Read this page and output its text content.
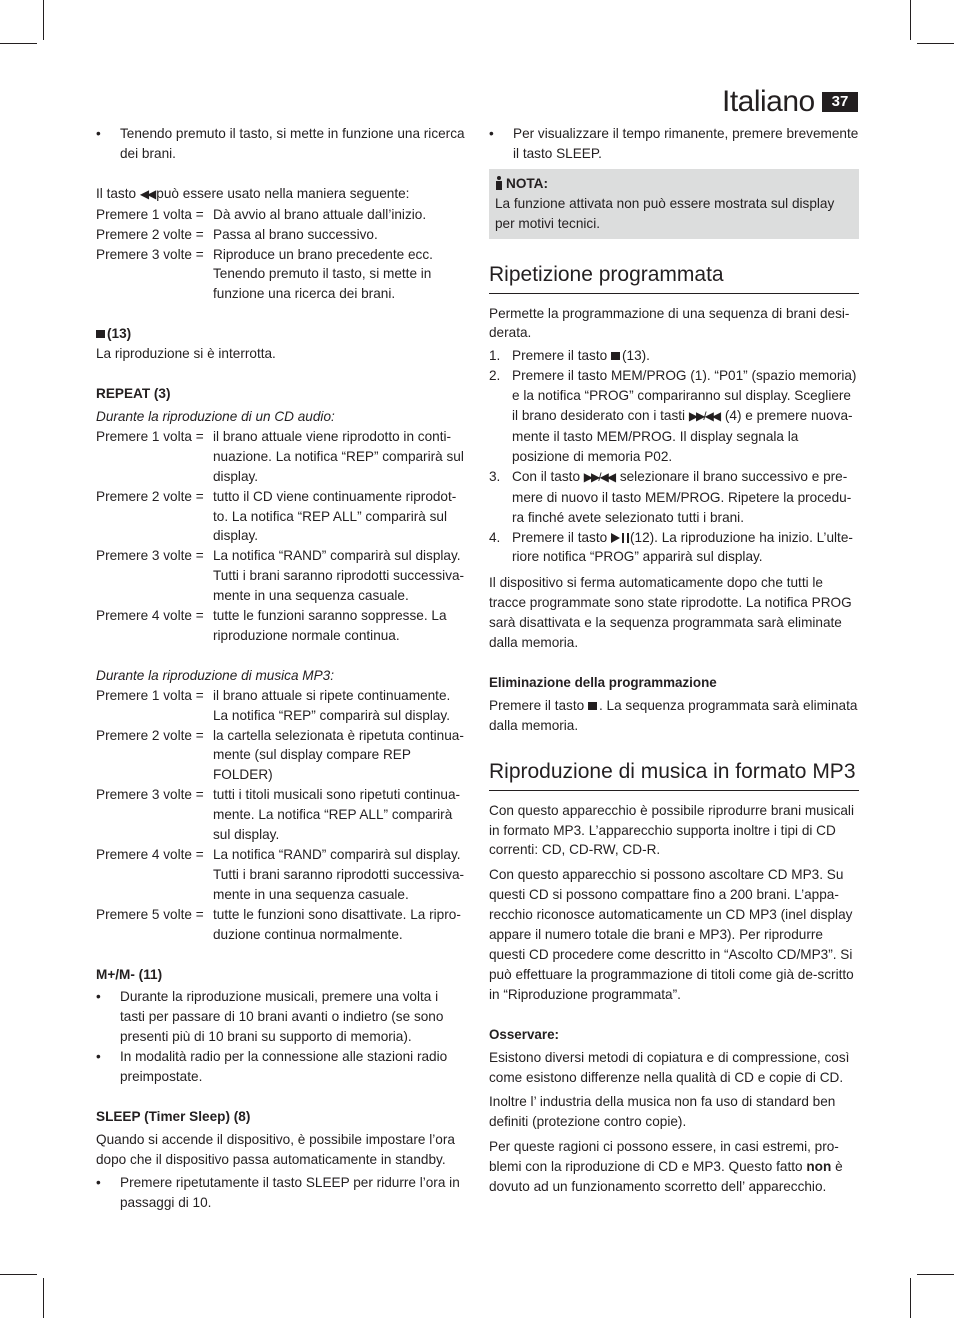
Italiano	37
•	Tenendo premuto il tasto, si mette in funzione una ricerca dei brani.

Il tasto ◀◀ può essere usato nella maniera seguente:

Premere 1 volta = Dà avvio al brano attuale dall’inizio.
Premere 2 volte = Passa al brano successivo.
Premere 3 volte = Riproduce un brano precedente ecc. Tenendo premuto il tasto, si mette in funzione una ricerca dei brani.

(13)

La riproduzione si è interrotta.

REPEAT (3)

Durante la riproduzione di un CD audio:

Premere 1 volta = il brano attuale viene riprodotto in conti-nuazione. La notifica “REP” comparirà sul display.
Premere 2 volte = tutto il CD viene continuamente riprodot-to. La notifica “REP ALL” comparirà sul display.
Premere 3 volte = La notifica “RAND” comparirà sul display. Tutti i brani saranno riprodotti successiva-mente in una sequenza casuale.
Premere 4 volte = tutte le funzioni saranno soppresse. La riproduzione normale continua.

Durante la riproduzione di musica MP3:

Premere 1 volta = il brano attuale si ripete continuamente. La notifica “REP” comparirà sul display.
Premere 2 volte = la cartella selezionata è ripetuta continua-mente (sul display compare REP FOLDER)
Premere 3 volte = tutti i titoli musicali sono ripetuti continua-mente. La notifica “REP ALL” comparirà sul display.
Premere 4 volte = La notifica “RAND” comparirà sul display. Tutti i brani saranno riprodotti successiva-mente in una sequenza casuale.
Premere 5 volte = tutte le funzioni sono disattivate. La ripro-duzione continua normalmente.

M+/M- (11)

•	Durante la riproduzione musicali, premere una volta i tasti per passare di 10 brani avanti o indietro (se sono presenti più di 10 brani su supporto di memoria).
•	In modalità radio per la connessione alle stazioni radio preimpostate.

SLEEP (Timer Sleep) (8)

Quando si accende il dispositivo, è possibile impostare l’ora dopo che il dispositivo passa automaticamente in standby.

•	Premere ripetutamente il tasto SLEEP per ridurre l’ora in passaggi di 10.
•	Per visualizzare il tempo rimanente, premere brevemente il tasto SLEEP.

NOTA:

La funzione attivata non può essere mostrata sul display per motivi tecnici.

Ripetizione programmata

Permette la programmazione di una sequenza di brani desi-derata.

1. Premere il tasto (13).
2. Premere il tasto MEM/PROG (1). “P01” (spazio memoria) e la notifica “PROG” compariranno sul display. Scegliere il brano desiderato con i tasti ▶▶/◀◀ (4) e premere nuova-mente il tasto MEM/PROG. Il display segnala la posizione di memoria P02.
3. Con il tasto ▶▶/◀◀ selezionare il brano successivo e pre-mere di nuovo il tasto MEM/PROG. Ripetere la procedu-ra finché avete selezionato tutti i brani.
4. Premere il tasto (12). La riproduzione ha inizio. L’ulte-riore notifica “PROG” apparirà sul display.

Il dispositivo si ferma automaticamente dopo che tutti le tracce programmate sono state riprodotte. La notifica PROG sarà disattivata e la sequenza programmata sarà eliminate dalla memoria.

Eliminazione della programmazione

Premere il tasto . La sequenza programmata sarà eliminata dalla memoria.

Riproduzione di musica in formato MP3

Con questo apparecchio è possibile riprodurre brani musicali in formato MP3. L’apparecchio supporta inoltre i tipi di CD correnti: CD, CD-RW, CD-R.

Con questo apparecchio si possono ascoltare CD MP3. Su questi CD si possono compattare fino a 200 brani. L’appa-recchio riconosce automaticamente un CD MP3 (inel display appare il numero totale die brani e MP3). Per riprodurre questi CD procedere come descritto in “Ascolto CD/MP3”. Si può effettuare la programmazione di titoli come già de-scritto in “Riproduzione programmata”.

Osservare:

Esistono diversi metodi di copiatura e di compressione, così come esistono differenze nella qualità di CD e copie di CD.

Inoltre l’ industria della musica non fa uso di standard ben definiti (protezione contro copie).

Per queste ragioni ci possono essere, in casi estremi, pro-blemi con la riproduzione di CD e MP3. Questo fatto non è dovuto ad un funzionamento scorretto dell’ apparecchio.
